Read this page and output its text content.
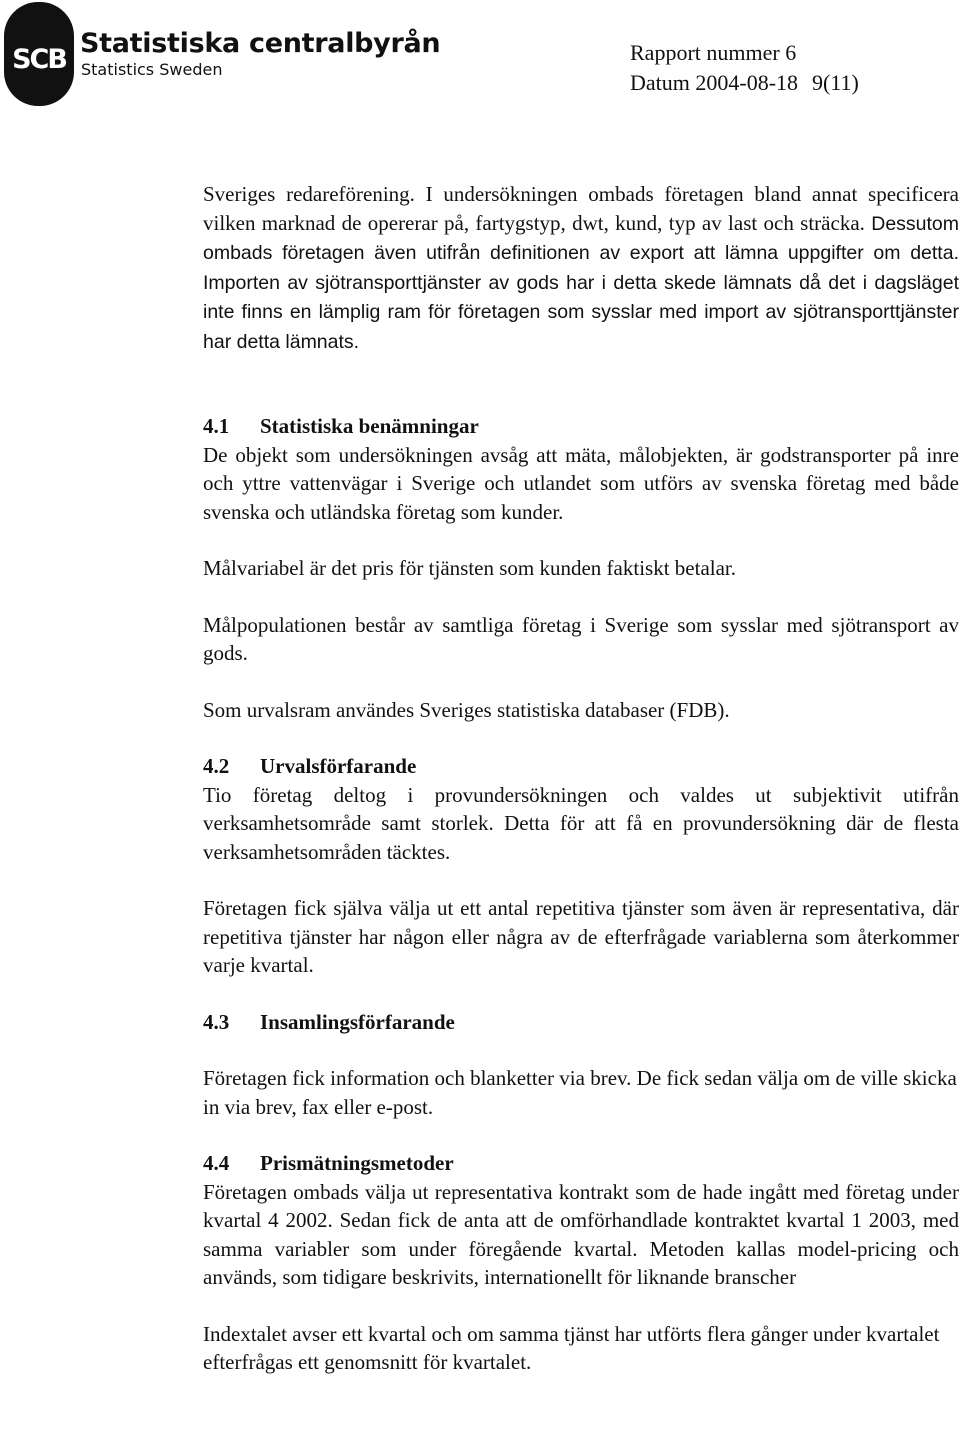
SCB
Statistiska centralbyrån
Statistics Sweden
Rapport nummer 6
Datum 2004-08-18 9(11)

Sveriges redareförening. I undersökningen ombads företagen bland annat specificera vilken marknad de opererar på, fartygstyp, dwt, kund, typ av last och sträcka. Dessutom ombads företagen även utifrån definitionen av export att lämna uppgifter om detta. Importen av sjötransporttjänster av gods har i detta skede lämnats då det i dagsläget inte finns en lämplig ram för företagen som sysslar med import av sjötransporttjänster har detta lämnats.

4.1 Statistiska benämningar

De objekt som undersökningen avsåg att mäta, målobjekten, är godstransporter på inre och yttre vattenvägar i Sverige och utlandet som utförs av svenska företag med både svenska och utländska företag som kunder.

Målvariabel är det pris för tjänsten som kunden faktiskt betalar.

Målpopulationen består av samtliga företag i Sverige som sysslar med sjötransport av gods.

Som urvalsram användes Sveriges statistiska databaser (FDB).

4.2 Urvalsförfarande

Tio företag deltog i provundersökningen och valdes ut subjektivit utifrån verksamhetsområde samt storlek. Detta för att få en provundersökning där de flesta verksamhetsområden täcktes.

Företagen fick själva välja ut ett antal repetitiva tjänster som även är representativa, där repetitiva tjänster har någon eller några av de efterfrågade variablerna som återkommer varje kvartal.

4.3 Insamlingsförfarande

Företagen fick information och blanketter via brev. De fick sedan välja om de ville skicka in via brev, fax eller e-post.

4.4 Prismätningsmetoder

Företagen ombads välja ut representativa kontrakt som de hade ingått med företag under kvartal 4 2002. Sedan fick de anta att de omförhandlade kontraktet kvartal 1 2003, med samma variabler som under föregående kvartal. Metoden kallas model-pricing och används, som tidigare beskrivits, internationellt för liknande branscher

Indextalet avser ett kvartal och om samma tjänst har utförts flera gånger under kvartalet efterfrågas ett genomsnitt för kvartalet.
